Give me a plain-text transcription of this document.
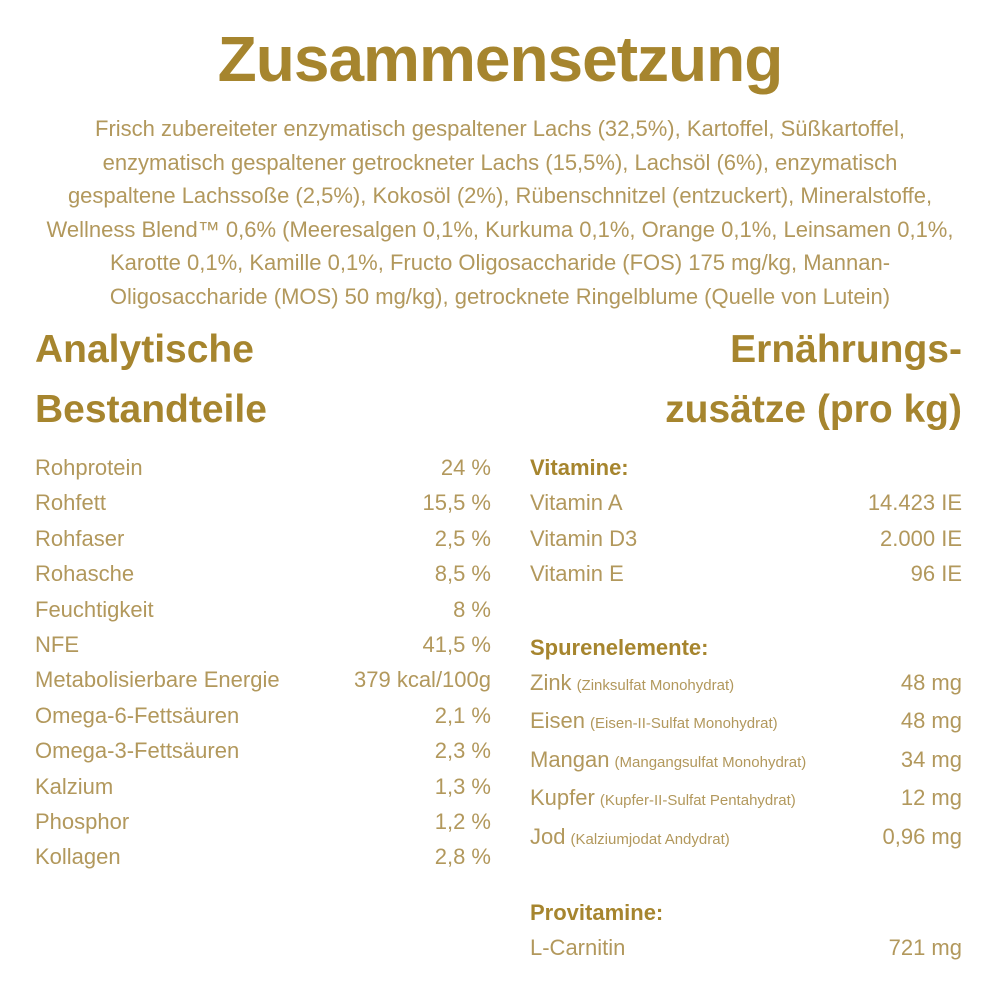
Zusammensetzung
Frisch zubereiteter enzymatisch gespaltener Lachs (32,5%), Kartoffel, Süßkartoffel,
enzymatisch gespaltener getrockneter Lachs (15,5%), Lachsöl (6%), enzymatisch
gespaltene Lachssoße (2,5%), Kokosöl (2%), Rübenschnitzel (entzuckert), Mineralstoffe,
Wellness Blend™ 0,6% (Meeresalgen 0,1%, Kurkuma 0,1%, Orange 0,1%, Leinsamen 0,1%,
Karotte 0,1%, Kamille 0,1%, Fructo Oligosaccharide (FOS) 175 mg/kg, Mannan-
Oligosaccharide (MOS) 50 mg/kg), getrocknete Ringelblume (Quelle von Lutein)
Analytische
Bestandteile
Ernährungs-
zusätze (pro kg)
Rohprotein	24 %
Rohfett	15,5 %
Rohfaser	2,5 %
Rohasche	8,5 %
Feuchtigkeit	8 %
NFE	41,5 %
Metabolisierbare Energie	379 kcal/100g
Omega-6-Fettsäuren	2,1 %
Omega-3-Fettsäuren	2,3 %
Kalzium	1,3 %
Phosphor	1,2 %
Kollagen	2,8 %
Vitamine:
Vitamin A	14.423 IE
Vitamin D3	2.000 IE
Vitamin E	96 IE
Spurenelemente:
Zink (Zinksulfat Monohydrat)	48 mg
Eisen (Eisen-II-Sulfat Monohydrat)	48 mg
Mangan (Mangangsulfat Monohydrat)	34 mg
Kupfer (Kupfer-II-Sulfat Pentahydrat)	12 mg
Jod (Kalziumjodat Andydrat)	0,96 mg
Provitamine:
L-Carnitin	721 mg
